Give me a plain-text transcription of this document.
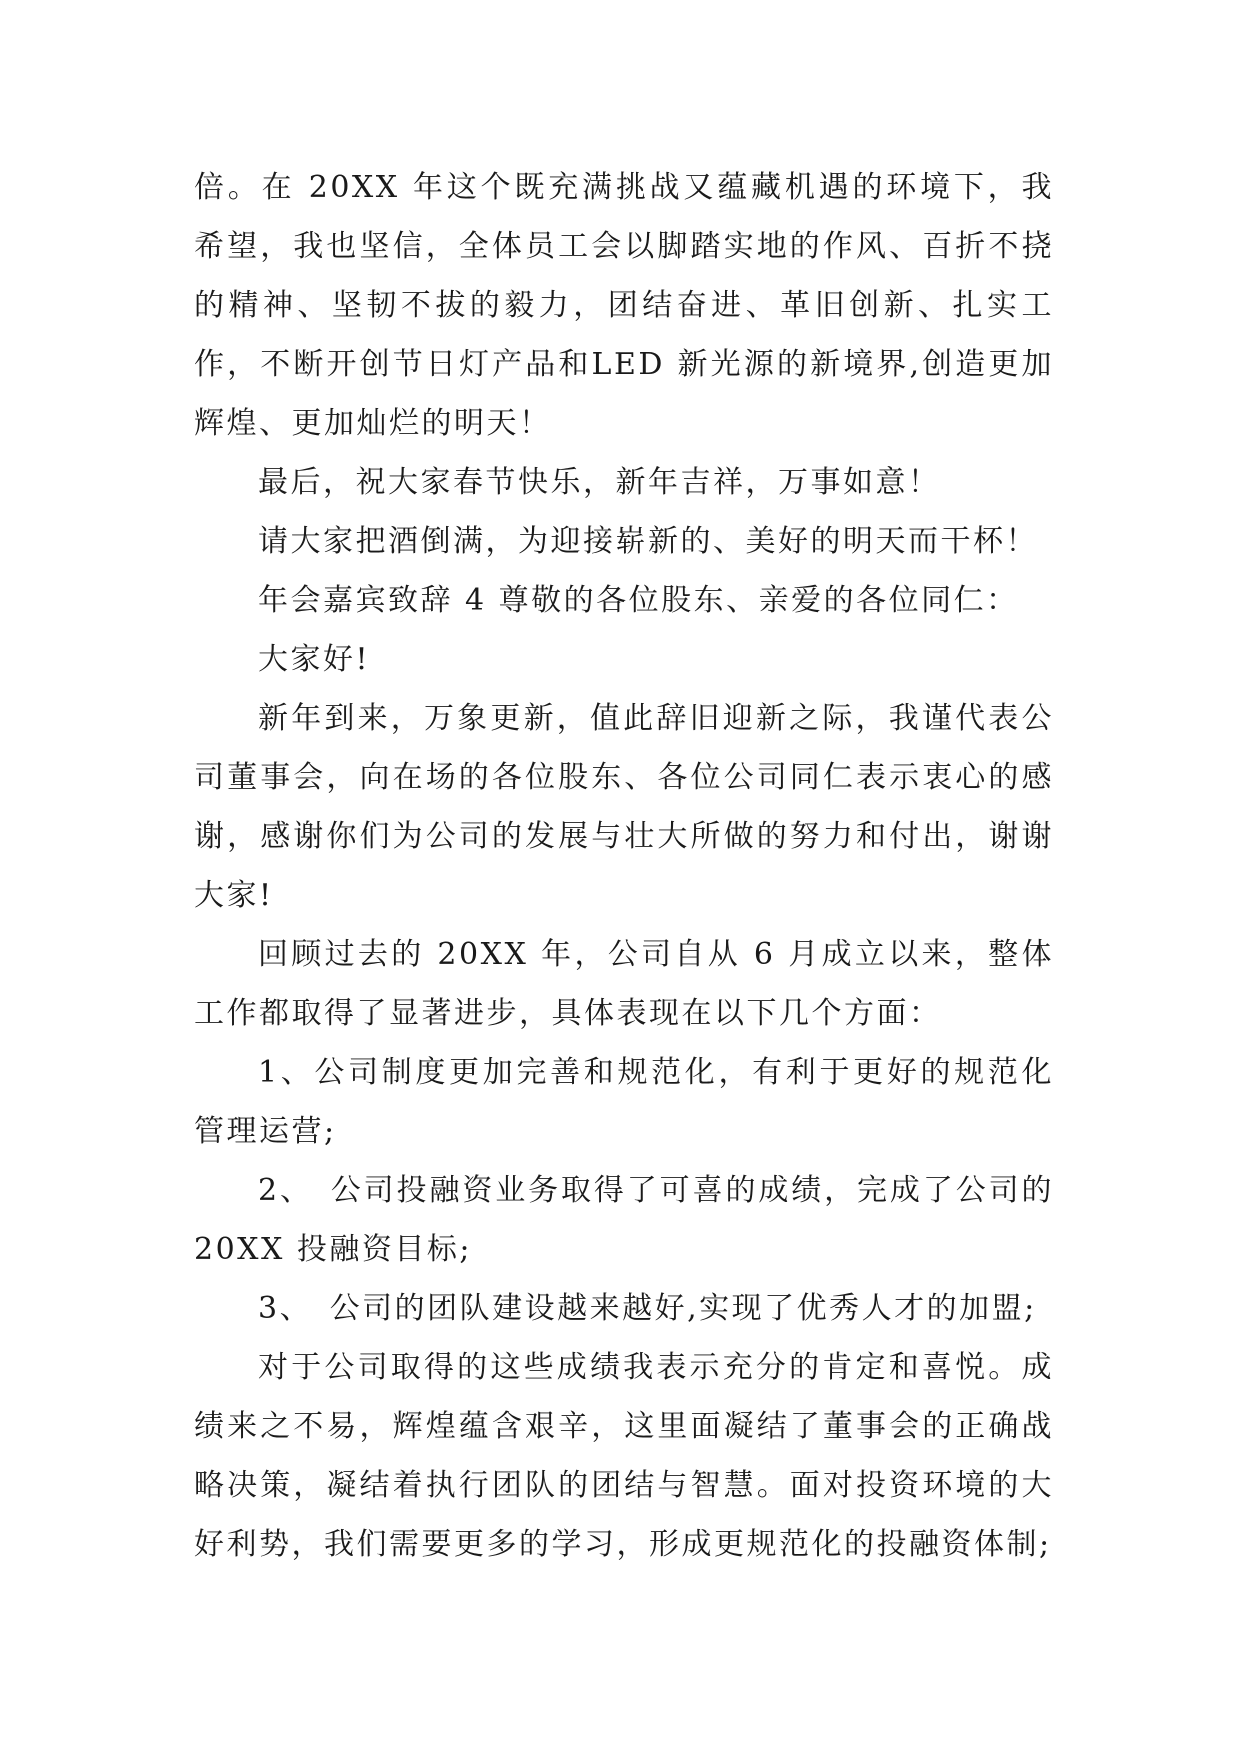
倍。在 20XX 年这个既充满挑战又蕴藏机遇的环境下，我希望，我也坚信，全体员工会以脚踏实地的作风、百折不挠的精神、坚韧不拔的毅力，团结奋进、革旧创新、扎实工作，不断开创节日灯产品和LED 新光源的新境界,创造更加辉煌、更加灿烂的明天！

最后，祝大家春节快乐，新年吉祥，万事如意！

请大家把酒倒满，为迎接崭新的、美好的明天而干杯！

年会嘉宾致辞 4 尊敬的各位股东、亲爱的各位同仁：

大家好!

新年到来，万象更新，值此辞旧迎新之际，我谨代表公司董事会，向在场的各位股东、各位公司同仁表示衷心的感谢，感谢你们为公司的发展与壮大所做的努力和付出，谢谢大家!

回顾过去的 20XX 年，公司自从 6 月成立以来，整体工作都取得了显著进步，具体表现在以下几个方面：

1、公司制度更加完善和规范化，有利于更好的规范化管理运营;

2、　公司投融资业务取得了可喜的成绩，完成了公司的 20XX 投融资目标;

3、　公司的团队建设越来越好,实现了优秀人才的加盟;

对于公司取得的这些成绩我表示充分的肯定和喜悦。成绩来之不易，辉煌蕴含艰辛，这里面凝结了董事会的正确战略决策，凝结着执行团队的团结与智慧。面对投资环境的大好利势，我们需要更多的学习，形成更规范化的投融资体制;
